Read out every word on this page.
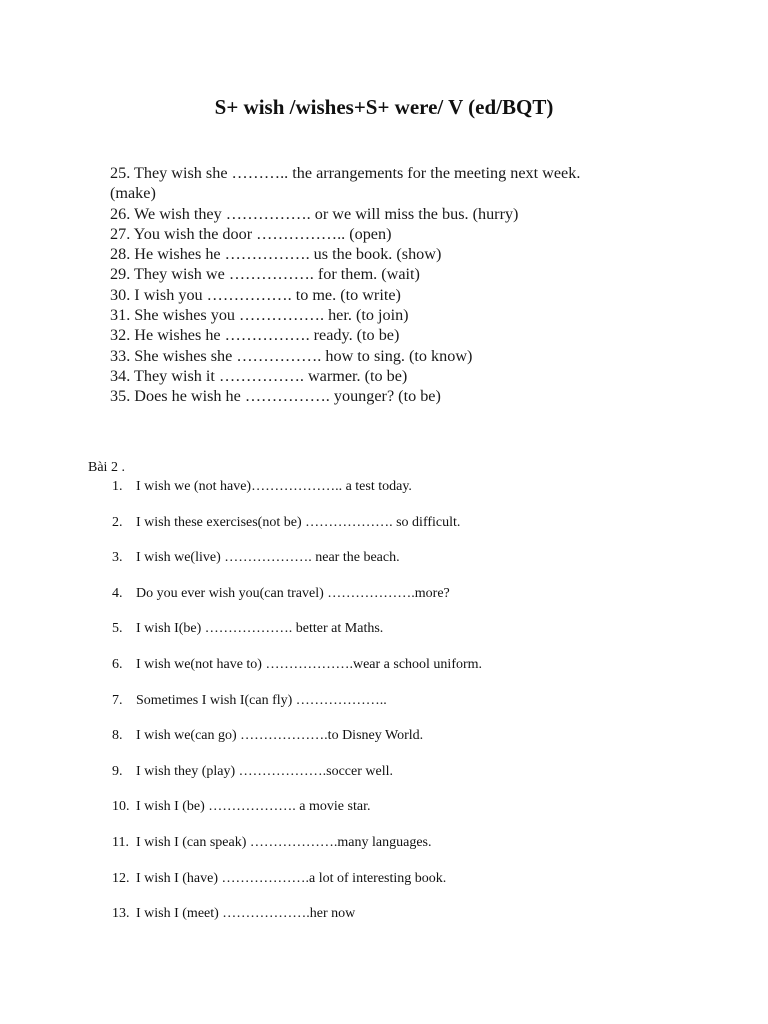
S+ wish /wishes+S+ were/ V (ed/BQT)
25. They wish she ……….. the arrangements for the meeting next week.
(make)
26. We wish they ……………. or we will miss the bus. (hurry)
27. You wish the door …………….. (open)
28. He wishes he ……………. us the book. (show)
29. They wish we ……………. for them. (wait)
30. I wish you ……………. to me. (to write)
31. She wishes you ……………. her. (to join)
32. He wishes he ……………. ready. (to be)
33. She wishes she ……………. how to sing. (to know)
34. They wish it ……………. warmer. (to be)
35. Does he wish he ……………. younger? (to be)
Bài 2 .
1. I wish we (not have)……………….. a test today.
2. I wish these exercises(not be) ………………. so difficult.
3. I wish we(live) ………………. near the beach.
4. Do you ever wish you(can travel) ……………….more?
5. I wish I(be) ………………. better at Maths.
6. I wish we(not have to) ……………….wear a school uniform.
7. Sometimes I wish I(can fly) ………………..
8. I wish we(can go) ……………….to Disney World.
9. I wish they (play) ……………….soccer well.
10. I wish I (be) ………………. a movie star.
11. I wish I (can speak) ……………….many languages.
12. I wish I (have) ……………….a lot of interesting book.
13. I wish I (meet) ……………….her now
